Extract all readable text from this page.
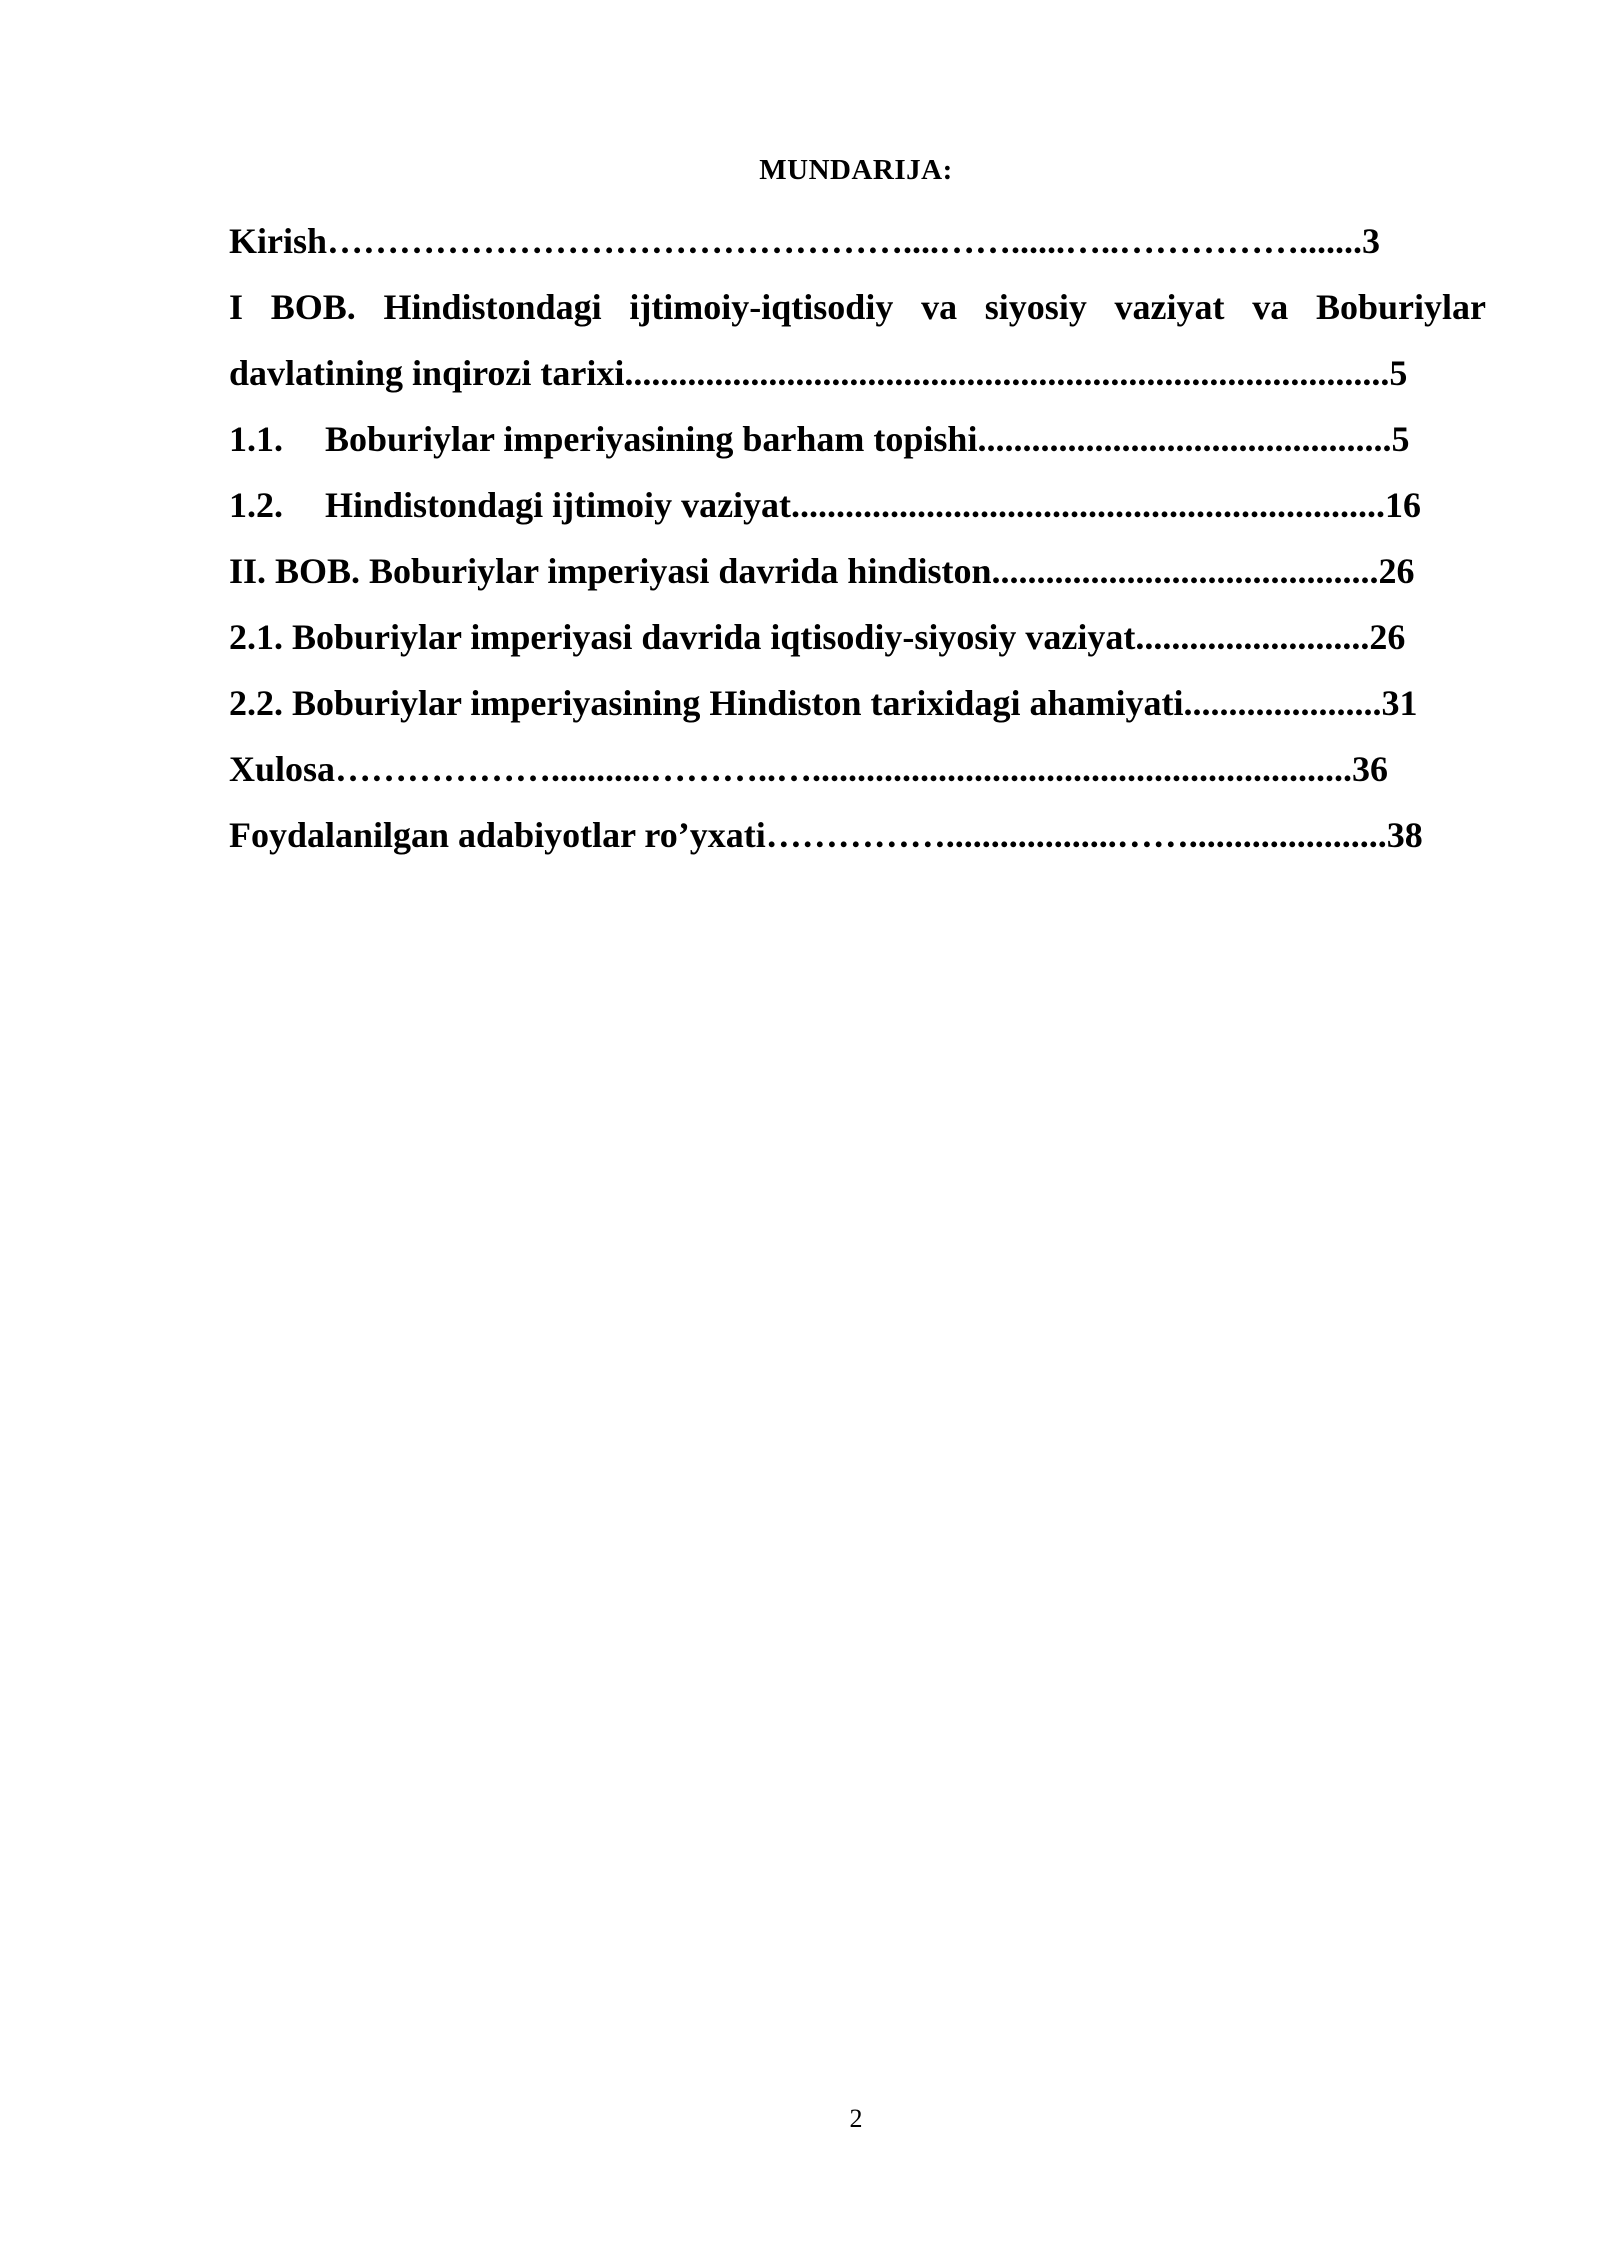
MUNDARIJA:
Kirish…………………………………………....……......…..…………….......3
I BOB. Hindistondagi ijtimoiy-iqtisodiy va siyosiy vaziyat va Boburiylar
davlatining inqirozi tarixi.....................................................................................5
1.1. Boburiylar imperiyasining barham topishi..............................................5
1.2. Hindistondagi ijtimoiy vaziyat..................................................................16
II. BOB. Boburiylar imperiyasi davrida hindiston...........................................26
2.1. Boburiylar imperiyasi davrida iqtisodiy-siyosiy vaziyat..........................26
2.2. Boburiylar imperiyasining Hindiston tarixidagi ahamiyati......................31
Xulosa………………...........………..…............................................................36
Foydalanilgan adabiyotlar ro’yxati……………...................……......................38
2
